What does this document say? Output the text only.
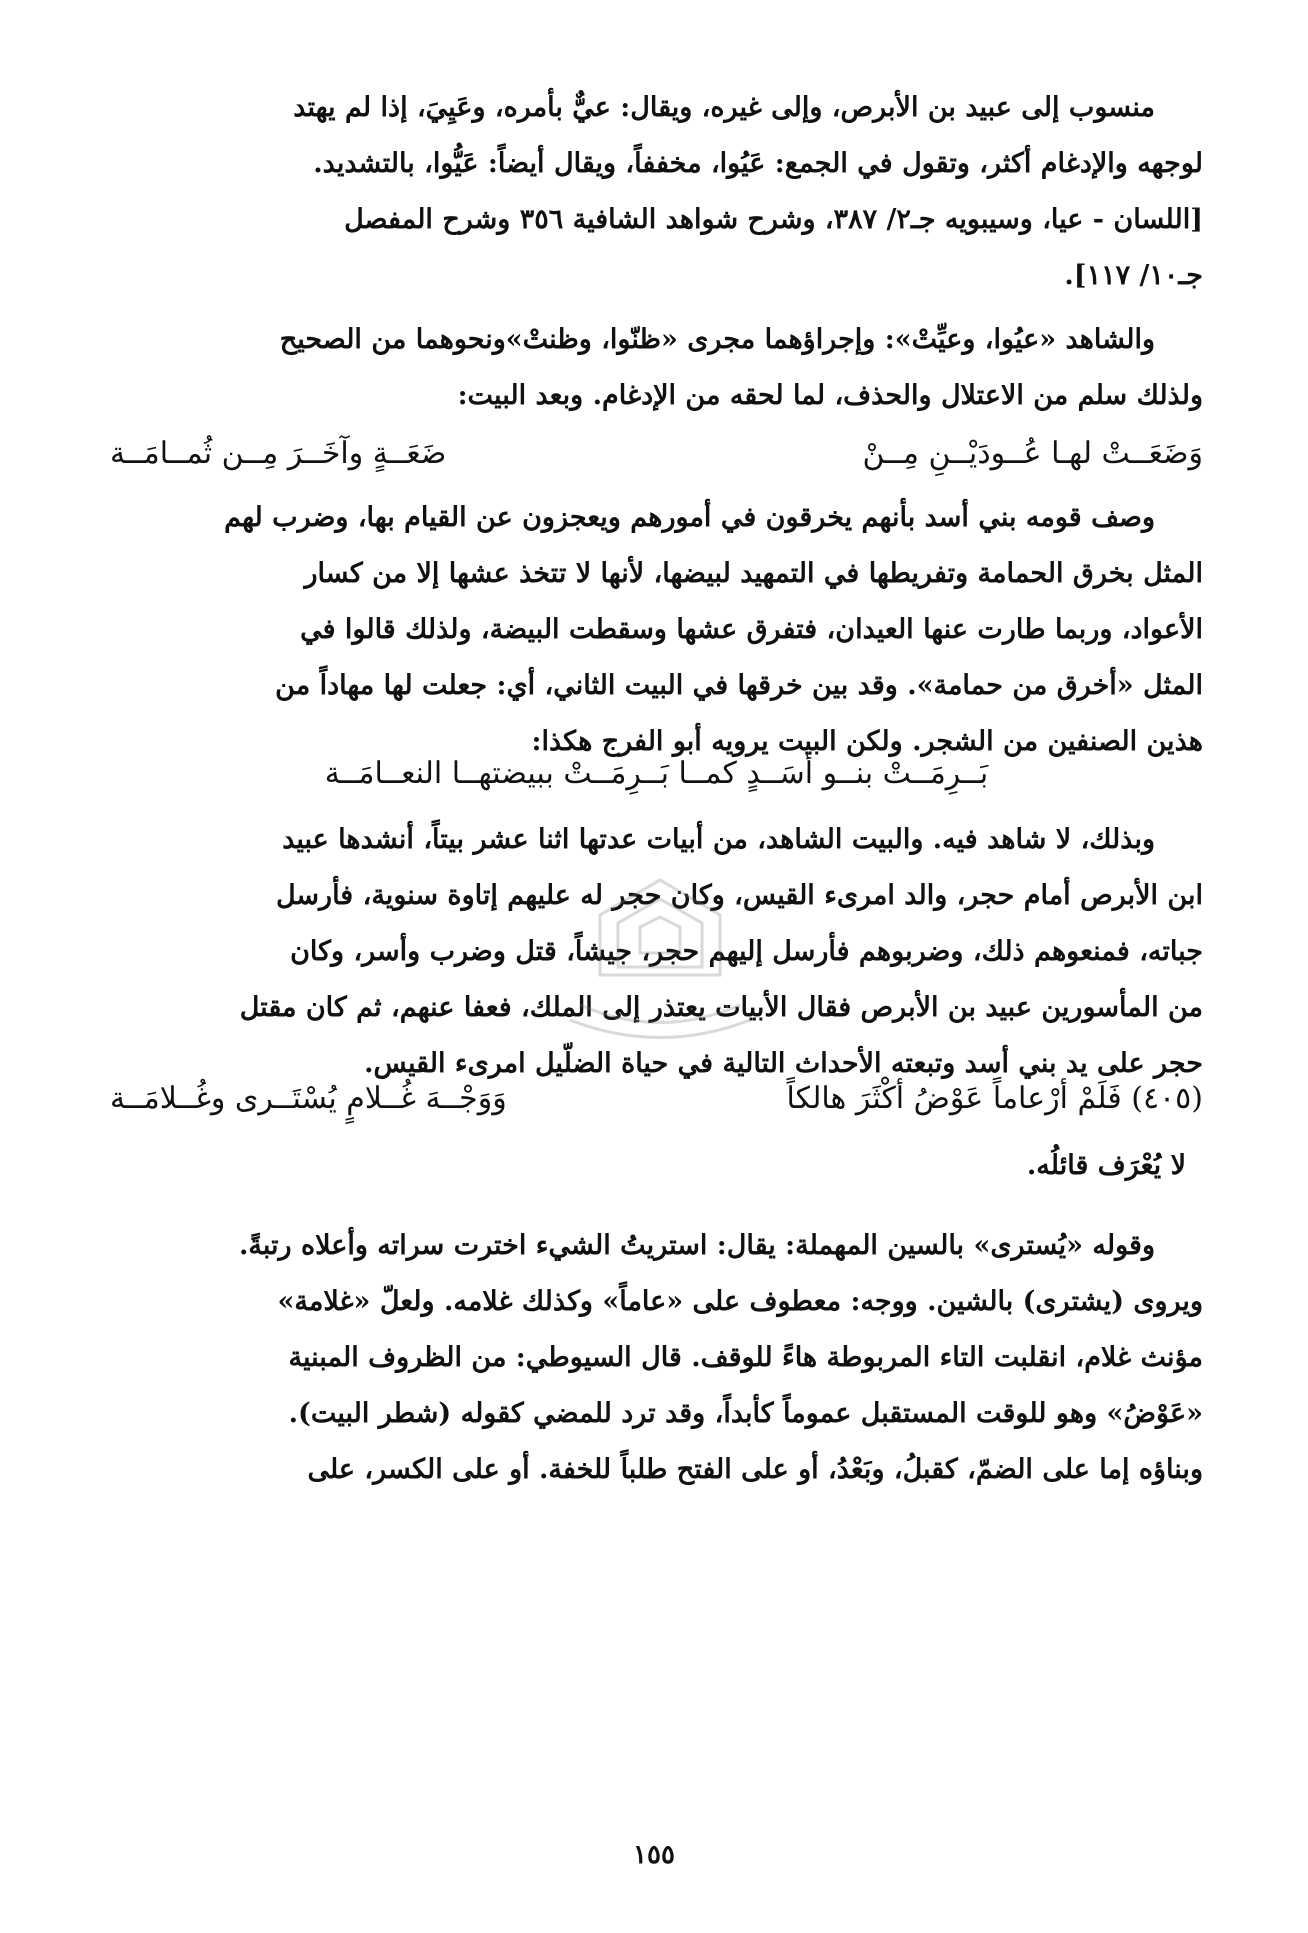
منسوب إلى عبيد بن الأبرص، وإلى غيره، ويقال: عيٌّ بأمره، وعَيِيَ، إذا لم يهتد

لوجهه والإدغام أكثر، وتقول في الجمع: عَيُوا، مخففاً، ويقال أيضاً: عَيُّوا، بالتشديد.

[اللسان - عيا، وسيبويه جـ٢/ ٣٨٧، وشرح شواهد الشافية ٣٥٦ وشرح المفصل

جـ١٠/ ١١٧].

والشاهد «عيُوا، وعيِّتْ»: وإجراؤهما مجرى «ظنّوا، وظنتْ»ونحوهما من الصحيح

ولذلك سلم من الاعتلال والحذف، لما لحقه من الإدغام. وبعد البيت:

وَضَعَــتْ لهـا عُــودَيْــنِ مِــنْ
ضَعَــةٍ وآخَــرَ مِــن ثُمــامَــة

وصف قومه بني أسد بأنهم يخرقون في أمورهم ويعجزون عن القيام بها، وضرب لهم

المثل بخرق الحمامة وتفريطها في التمهيد لبيضها، لأنها لا تتخذ عشها إلا من كسار

الأعواد، وربما طارت عنها العيدان، فتفرق عشها وسقطت البيضة، ولذلك قالوا في

المثل «أخرق من حمامة». وقد بين خرقها في البيت الثاني، أي: جعلت لها مهاداً من

هذين الصنفين من الشجر. ولكن البيت يرويه أبو الفرج هكذا:

بَــرِمَــتْ بنــو أسَــدٍ كمــا بَــرِمَــتْ ببيضتهــا النعــامَــة

وبذلك، لا شاهد فيه. والبيت الشاهد، من أبيات عدتها اثنا عشر بيتاً، أنشدها عبيد

ابن الأبرص أمام حجر، والد امرىء القيس، وكان حجر له عليهم إتاوة سنوية، فأرسل

جباته، فمنعوهم ذلك، وضربوهم فأرسل إليهم حجر، جيشاً، قتل وضرب وأسر، وكان

من المأسورين عبيد بن الأبرص فقال الأبيات يعتذر إلى الملك، فعفا عنهم، ثم كان مقتل

حجر على يد بني أسد وتبعته الأحداث التالية في حياة الضلّيل امرىء القيس.

(٤٠٥) فَلَمْ أرْعاماً عَوْضُ أكْثَرَ هالكاً
وَوَجْــهَ غُــلامٍ يُسْتَــرى وغُــلامَــة
لا يُعْرَف قائلُه.

وقوله «يُسترى» بالسين المهملة: يقال: استريتُ الشيء اخترت سراته وأعلاه رتبةً.

ويروى (يشترى) بالشين. ووجه: معطوف على «عاماً» وكذلك غلامه. ولعلّ «غلامة»

مؤنث غلام، انقلبت التاء المربوطة هاءً للوقف. قال السيوطي: من الظروف المبنية

«عَوْضُ» وهو للوقت المستقبل عموماً كأبداً، وقد ترد للمضي كقوله (شطر البيت).

وبناؤه إما على الضمّ، كقبلُ، وبَعْدُ، أو على الفتح طلباً للخفة. أو على الكسر، على

١٥٥
